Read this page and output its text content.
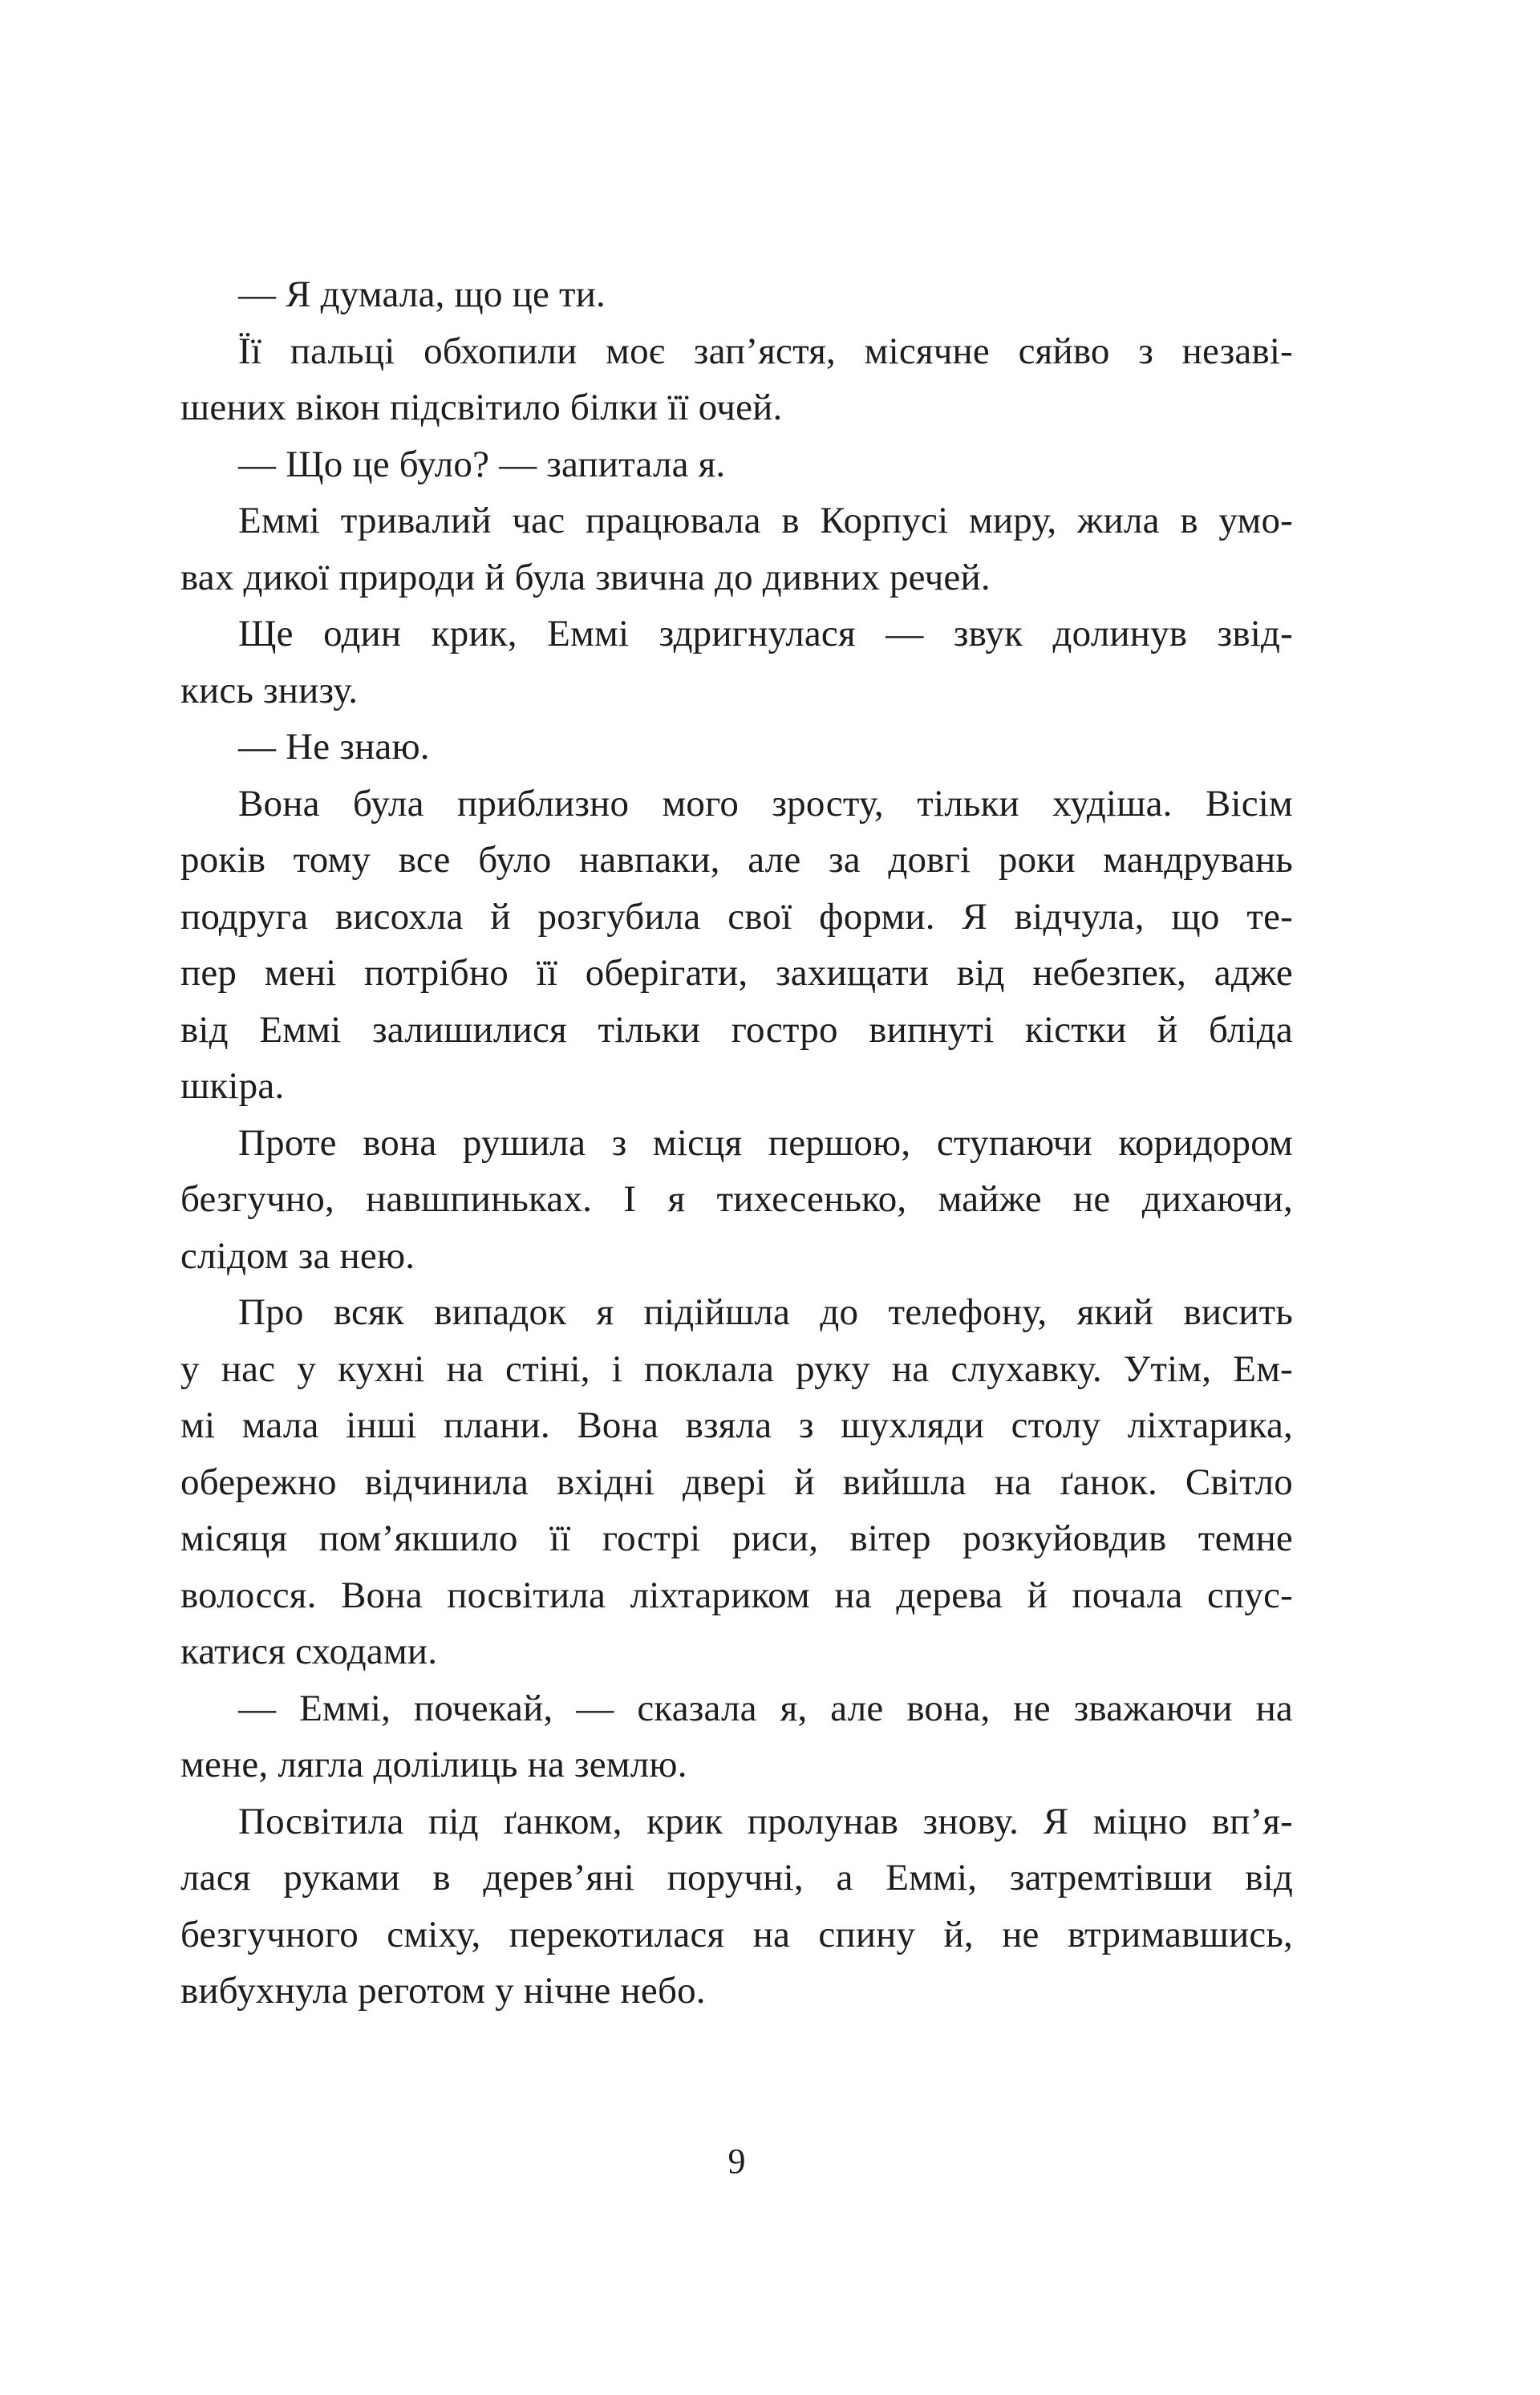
— Я думала, що це ти.
Її пальці обхопили моє зап’ястя, місячне сяйво з незаві-
шених вікон підсвітило білки її очей.
— Що це було? — запитала я.
Еммі тривалий час працювала в Корпусі миру, жила в умо-
вах дикої природи й була звична до дивних речей.
Ще один крик, Еммі здригнулася — звук долинув звід-
кись знизу.
— Не знаю.
Вона була приблизно мого зросту, тільки худіша. Вісім
років тому все було навпаки, але за довгі роки мандрувань
подруга висохла й розгубила свої форми. Я відчула, що те-
пер мені потрібно її оберігати, захищати від небезпек, адже
від Еммі залишилися тільки гостро випнуті кістки й бліда
шкіра.
Проте вона рушила з місця першою, ступаючи коридором
безгучно, навшпиньках. І я тихесенько, майже не дихаючи,
слідом за нею.
Про всяк випадок я підійшла до телефону, який висить
у нас у кухні на стіні, і поклала руку на слухавку. Утім, Ем-
мі мала інші плани. Вона взяла з шухляди столу ліхтарика,
обережно відчинила вхідні двері й вийшла на ґанок. Світло
місяця пом’якшило її гострі риси, вітер розкуйовдив темне
волосся. Вона посвітила ліхтариком на дерева й почала спус-
катися сходами.
— Еммі, почекай, — сказала я, але вона, не зважаючи на
мене, лягла долілиць на землю.
Посвітила під ґанком, крик пролунав знову. Я міцно вп’я-
лася руками в дерев’яні поручні, а Еммі, затремтівши від
безгучного сміху, перекотилася на спину й, не втримавшись,
вибухнула реготом у нічне небо.
9
